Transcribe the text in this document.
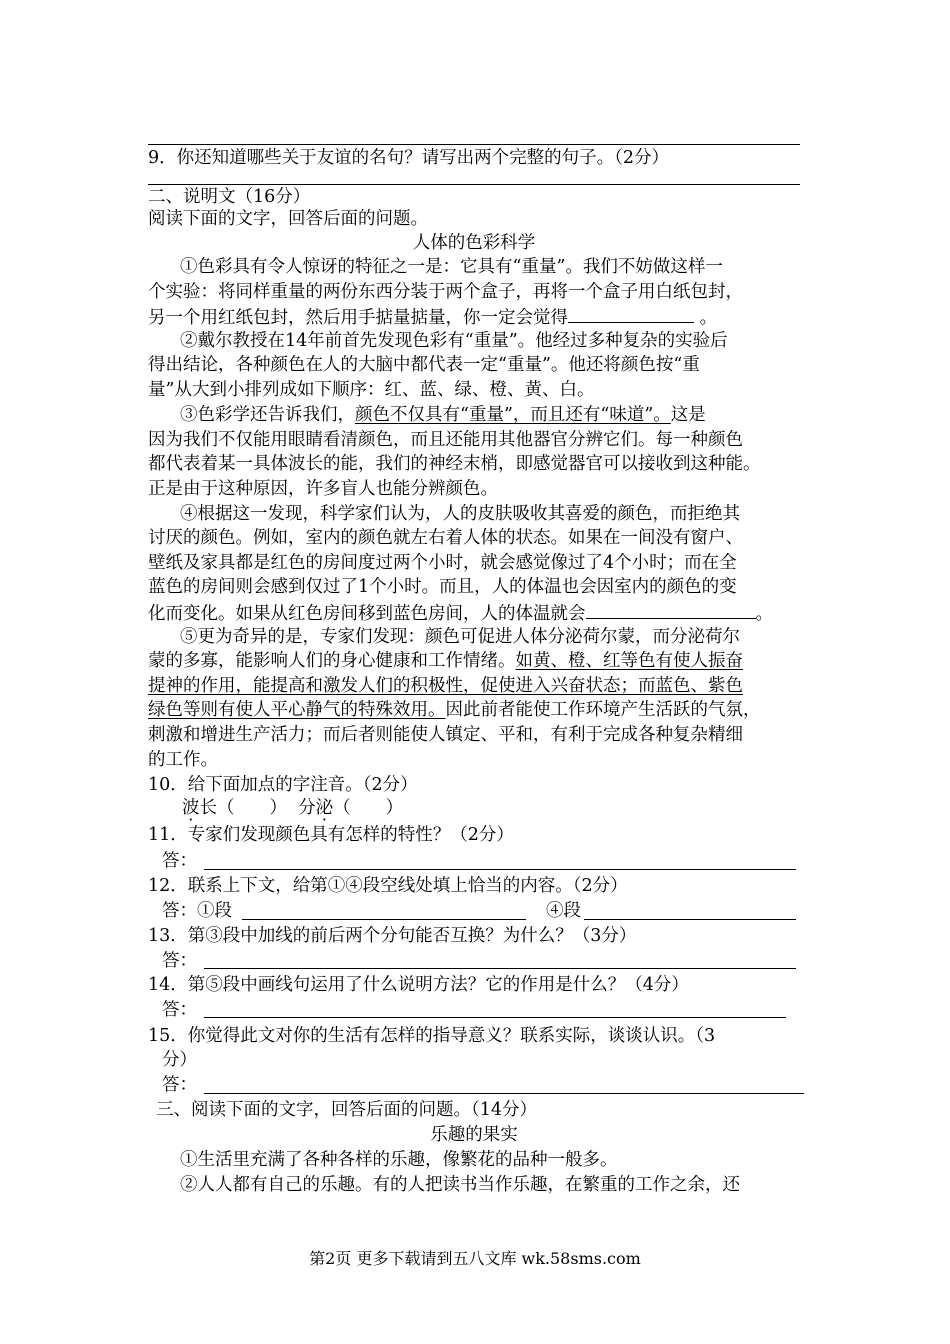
9．你还知道哪些关于友谊的名句？请写出两个完整的句子。（2分）
二、说明文（16分）
阅读下面的文字，回答后面的问题。
人体的色彩科学
①色彩具有令人惊讶的特征之一是：它具有“重量”。我们不妨做这样一
个实验：将同样重量的两份东西分装于两个盒子，再将一个盒子用白纸包封，
另一个用红纸包封，然后用手掂量掂量，你一定会觉得	。
②戴尔教授在14年前首先发现色彩有“重量”。他经过多种复杂的实验后
得出结论，各种颜色在人的大脑中都代表一定“重量”。他还将颜色按“重
量”从大到小排列成如下顺序：红、蓝、绿、橙、黄、白。
③色彩学还告诉我们，颜色不仅具有“重量”，而且还有“味道”。这是
因为我们不仅能用眼睛看清颜色，而且还能用其他器官分辨它们。每一种颜色
都代表着某一具体波长的能，我们的神经末梢，即感觉器官可以接收到这种能。
正是由于这种原因，许多盲人也能分辨颜色。
④根据这一发现，科学家们认为，人的皮肤吸收其喜爱的颜色，而拒绝其
讨厌的颜色。例如，室内的颜色就左右着人体的状态。如果在一间没有窗户、
壁纸及家具都是红色的房间度过两个小时，就会感觉像过了4个小时；而在全
蓝色的房间则会感到仅过了1个小时。而且，人的体温也会因室内的颜色的变
化而变化。如果从红色房间移到蓝色房间，人的体温就会	。
⑤更为奇异的是，专家们发现：颜色可促进人体分泌荷尔蒙，而分泌荷尔
蒙的多寡，能影响人们的身心健康和工作情绪。如黄、橙、红等色有使人振奋
提神的作用，能提高和激发人们的积极性，促使进入兴奋状态；而蓝色、紫色
绿色等则有使人平心静气的特殊效用。因此前者能使工作环境产生活跃的气氛，
刺激和增进生产活力；而后者则能使人镇定、平和，有利于完成各种复杂精细
的工作。
10．给下面加点的字注音。（2分）
波长（　　） 分泌（　　）
11．专家们发现颜色具有怎样的特性？（2分）
答：
12．联系上下文，给第①④段空线处填上恰当的内容。（2分）
答：①段	④段
13．第③段中加线的前后两个分句能否互换？为什么？（3分）
答：
14．第⑤段中画线句运用了什么说明方法？它的作用是什么？（4分）
答：
15．你觉得此文对你的生活有怎样的指导意义？联系实际，谈谈认识。（3
分）
答：
三、阅读下面的文字，回答后面的问题。（14分）
乐趣的果实
①生活里充满了各种各样的乐趣，像繁花的品种一般多。
②人人都有自己的乐趣。有的人把读书当作乐趣，在繁重的工作之余，还
第2页 更多下载请到五八文库 wk.58sms.com
